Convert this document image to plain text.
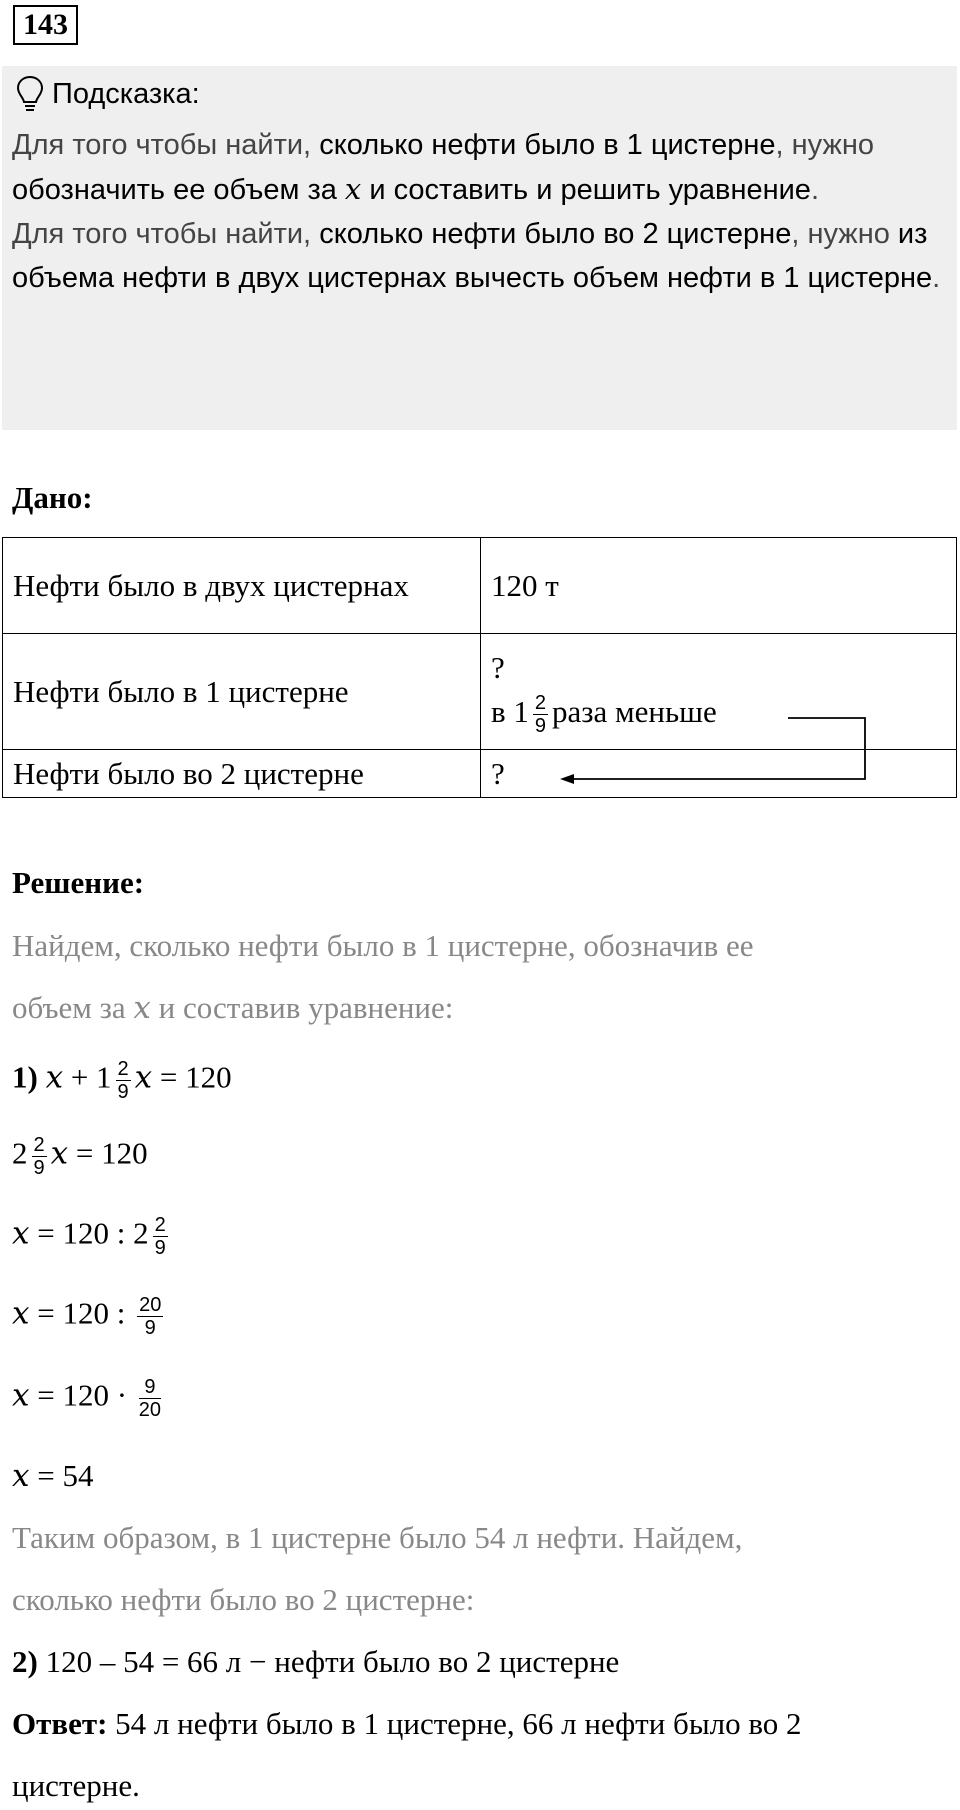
143
Подсказка:

Для того чтобы найти, сколько нефти было в 1 цистерне, нужно обозначить ее объем за x и составить и решить уравнение.

Для того чтобы найти, сколько нефти было во 2 цистерне, нужно из объема нефти в двух цистернах вычесть объем нефти в 1 цистерне.

Дано:
Нефти было в двух цистернах	120 т
Нефти было в 1 цистерне	?
в $1 \frac{2}{9}$ раза меньше

Нефти было во 2 цистерне	?
Решение:
Найдем, сколько нефти было в 1 цистерне, обозначив ее
объем за x и составив уравнение:
1) $x + 1 \frac{2}{9}$ x = 120
$2 \frac{2}{9}$ x = 120
x = 120 : $2 \frac{2}{9}$
x = 120 : $\frac{20}{9}$
$x = 120 \cdot \frac{9}{20}$
x = 54
Таким образом, в 1 цистерне было 54 л нефти. Найдем,
сколько нефти было во 2 цистерне:
2) 120 – 54 = 66 л − нефти было во 2 цистерне
Ответ: 54 л нефти было в 1 цистерне, 66 л нефти было во 2
цистерне.
